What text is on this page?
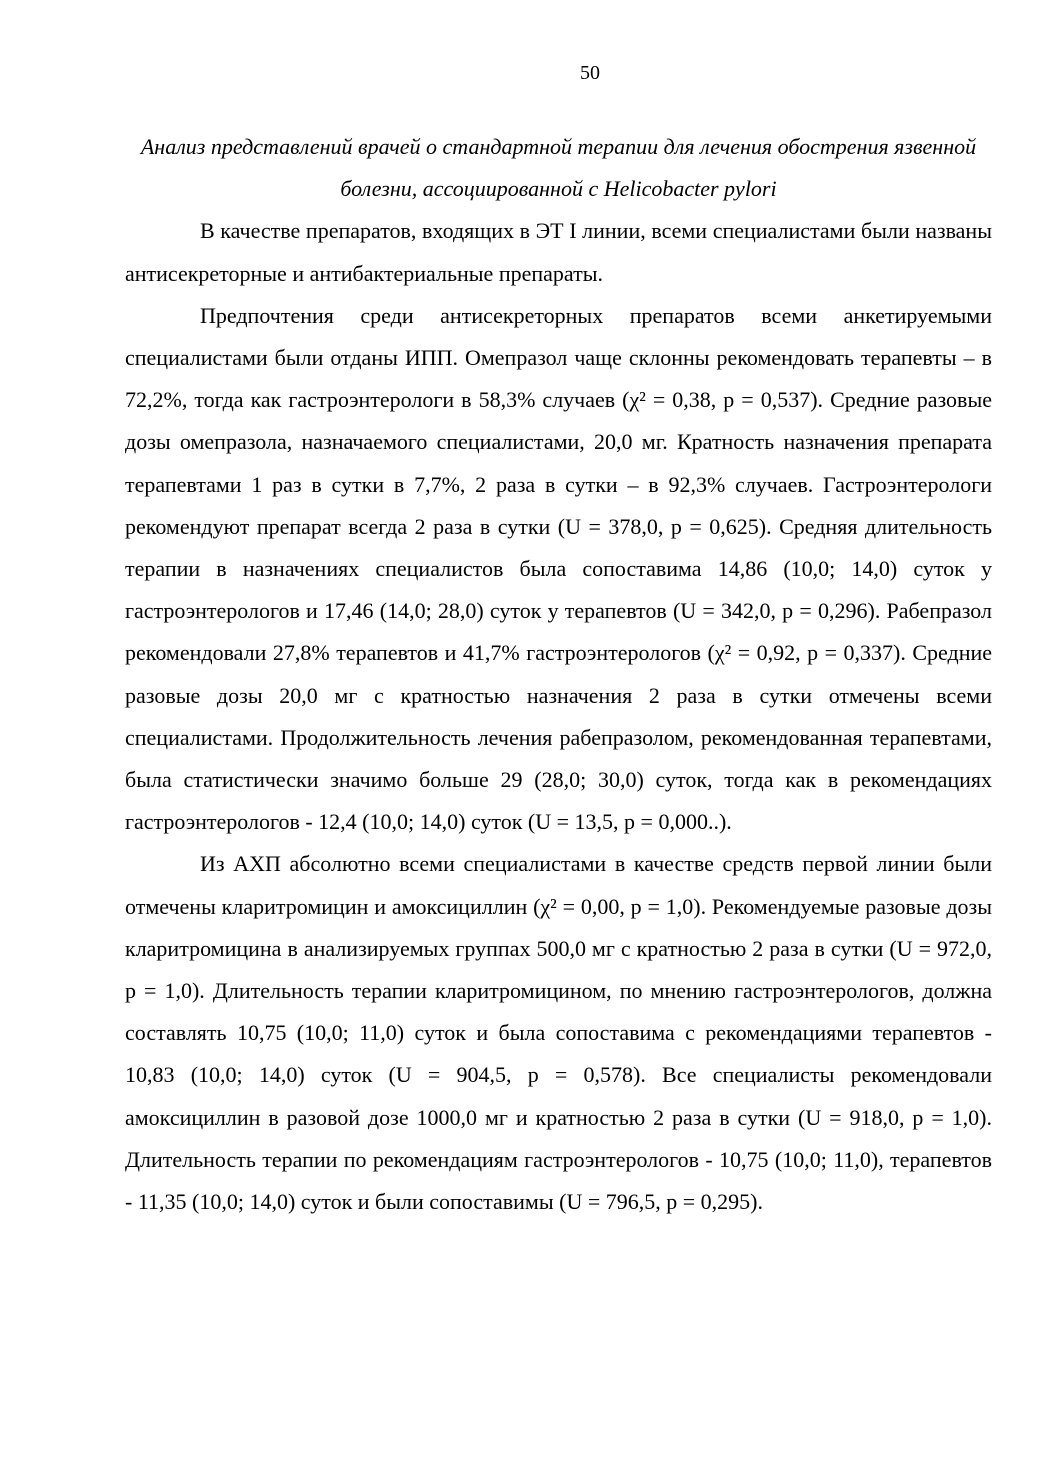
50

Анализ представлений врачей о стандартной терапии для лечения обострения язвенной болезни, ассоциированной с Helicobacter pylori

В качестве препаратов, входящих в ЭТ I линии, всеми специалистами были названы антисекреторные и антибактериальные препараты.

Предпочтения среди антисекреторных препаратов всеми анкетируемыми специалистами были отданы ИПП. Омепразол чаще склонны рекомендовать терапевты – в 72,2%, тогда как гастроэнтерологи в 58,3% случаев (χ² = 0,38, p = 0,537). Средние разовые дозы омепразола, назначаемого специалистами, 20,0 мг. Кратность назначения препарата терапевтами 1 раз в сутки в 7,7%, 2 раза в сутки – в 92,3% случаев. Гастроэнтерологи рекомендуют препарат всегда 2 раза в сутки (U = 378,0, p = 0,625). Средняя длительность терапии в назначениях специалистов была сопоставима 14,86 (10,0; 14,0) суток у гастроэнтерологов и 17,46 (14,0; 28,0) суток у терапевтов (U = 342,0, p = 0,296). Рабепразол рекомендовали 27,8% терапевтов и 41,7% гастроэнтерологов (χ² = 0,92, p = 0,337). Средние разовые дозы 20,0 мг с кратностью назначения 2 раза в сутки отмечены всеми специалистами. Продолжительность лечения рабепразолом, рекомендованная терапевтами, была статистически значимо больше 29 (28,0; 30,0) суток, тогда как в рекомендациях гастроэнтерологов - 12,4 (10,0; 14,0) суток (U = 13,5, p = 0,000..).

Из АХП абсолютно всеми специалистами в качестве средств первой линии были отмечены кларитромицин и амоксициллин (χ² = 0,00, p = 1,0). Рекомендуемые разовые дозы кларитромицина в анализируемых группах 500,0 мг с кратностью 2 раза в сутки (U = 972,0, p = 1,0). Длительность терапии кларитромицином, по мнению гастроэнтерологов, должна составлять 10,75 (10,0; 11,0) суток и была сопоставима с рекомендациями терапевтов - 10,83 (10,0; 14,0) суток (U = 904,5, p = 0,578). Все специалисты рекомендовали амоксициллин в разовой дозе 1000,0 мг и кратностью 2 раза в сутки (U = 918,0, p = 1,0). Длительность терапии по рекомендациям гастроэнтерологов - 10,75 (10,0; 11,0), терапевтов - 11,35 (10,0; 14,0) суток и были сопоставимы (U = 796,5, p = 0,295).
